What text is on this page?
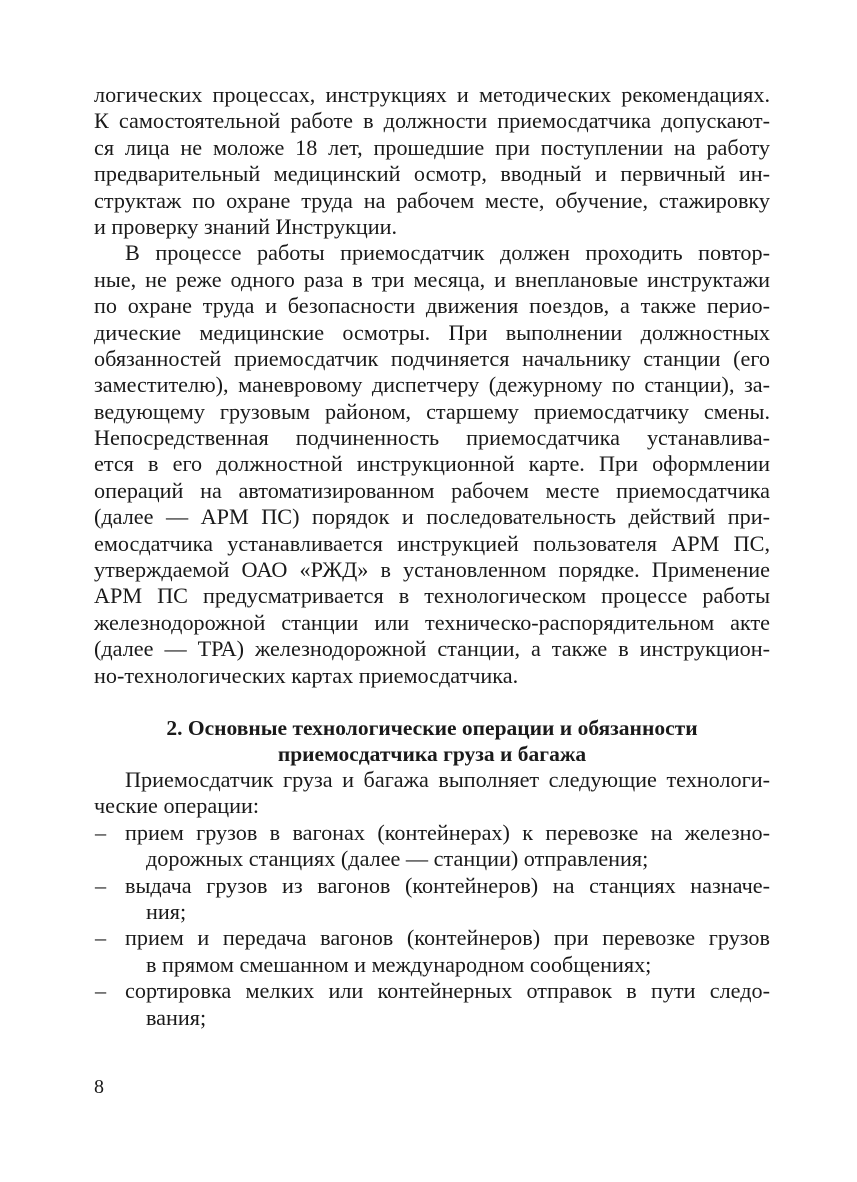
логических процессах, инструкциях и методических рекомендациях.
К самостоятельной работе в должности приемосдатчика допускают-
ся лица не моложе 18 лет, прошедшие при поступлении на работу
предварительный медицинский осмотр, вводный и первичный ин-
структаж по охране труда на рабочем месте, обучение, стажировку
и проверку знаний Инструкции.
В процессе работы приемосдатчик должен проходить повтор-
ные, не реже одного раза в три месяца, и внеплановые инструктажи
по охране труда и безопасности движения поездов, а также перио-
дические медицинские осмотры. При выполнении должностных
обязанностей приемосдатчик подчиняется начальнику станции (его
заместителю), маневровому диспетчеру (дежурному по станции), за-
ведующему грузовым районом, старшему приемосдатчику смены.
Непосредственная подчиненность приемосдатчика устанавлива-
ется в его должностной инструкционной карте. При оформлении
операций на автоматизированном рабочем месте приемосдатчика
(далее — АРМ ПС) порядок и последовательность действий при-
емосдатчика устанавливается инструкцией пользователя АРМ ПС,
утверждаемой ОАО «РЖД» в установленном порядке. Применение
АРМ ПС предусматривается в технологическом процессе работы
железнодорожной станции или техническо-распорядительном акте
(далее — ТРА) железнодорожной станции, а также в инструкцион-
но-технологических картах приемосдатчика.
2. Основные технологические операции и обязанности
приемосдатчика груза и багажа
Приемосдатчик груза и багажа выполняет следующие технологи-
ческие операции:
– прием грузов в вагонах (контейнерах) к перевозке на железно-
дорожных станциях (далее — станции) отправления;
– выдача грузов из вагонов (контейнеров) на станциях назначе-
ния;
– прием и передача вагонов (контейнеров) при перевозке грузов
в прямом смешанном и международном сообщениях;
– сортировка мелких или контейнерных отправок в пути следо-
вания;
8
